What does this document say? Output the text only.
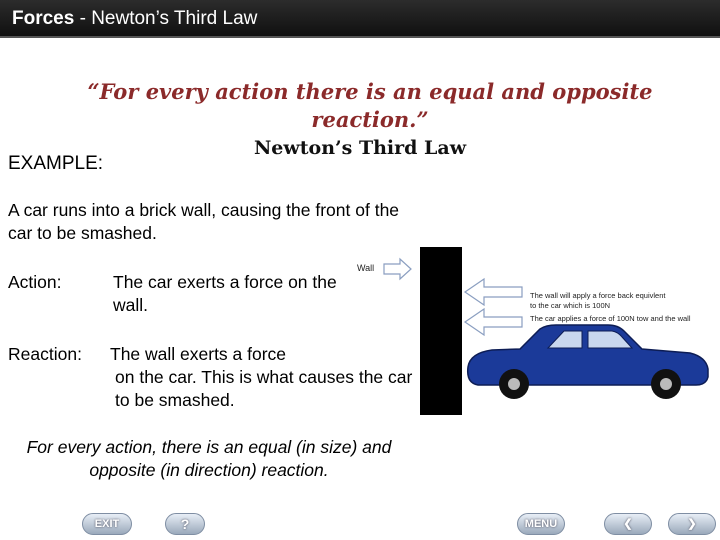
Forces - Newton’s Third Law
“For every action there is an equal and opposite
reaction.”
Newton’s Third Law
EXAMPLE:
A car runs into a brick wall, causing the front of the car to be smashed.
Action:	The car exerts a force on the wall.
Reaction: The wall exerts a force
on the car. This is what causes the car to be smashed.
For every action, there is an equal (in size) and opposite (in direction) reaction.
Wall
The wall will apply a force back equivlent to the car which is 100N
The car applies a force of 100N tow and the wall
EXIT	?	MENU	❮	❯
